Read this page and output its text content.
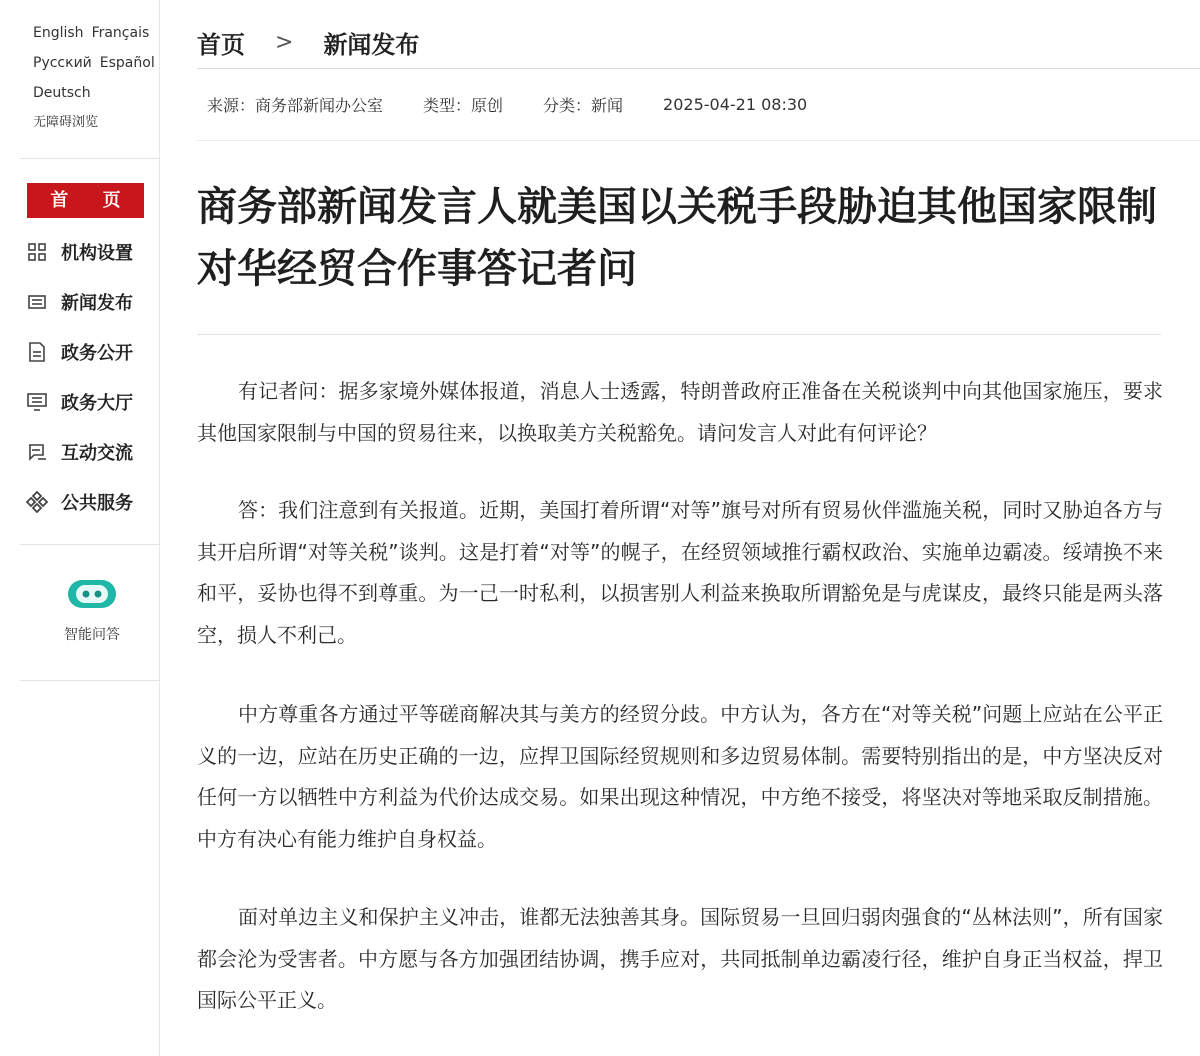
English Français
Русский Español
Deutsch
无障碍浏览
首 页
机构设置
新闻发布
政务公开
政务大厅
互动交流
公共服务
智能问答
首页 > 新闻发布
来源：商务部新闻办公室	类型：原创	分类：新闻	2025-04-21 08:30
商务部新闻发言人就美国以关税手段胁迫其他国家限制对华经贸合作事答记者问

有记者问：据多家境外媒体报道，消息人士透露，特朗普政府正准备在关税谈判中向其他国家施压，要求其他国家限制与中国的贸易往来，以换取美方关税豁免。请问发言人对此有何评论？

答：我们注意到有关报道。近期，美国打着所谓“对等”旗号对所有贸易伙伴滥施关税，同时又胁迫各方与其开启所谓“对等关税”谈判。这是打着“对等”的幌子，在经贸领域推行霸权政治、实施单边霸凌。绥靖换不来和平，妥协也得不到尊重。为一己一时私利，以损害别人利益来换取所谓豁免是与虎谋皮，最终只能是两头落空，损人不利己。

中方尊重各方通过平等磋商解决其与美方的经贸分歧。中方认为，各方在“对等关税”问题上应站在公平正义的一边，应站在历史正确的一边，应捍卫国际经贸规则和多边贸易体制。需要特别指出的是，中方坚决反对任何一方以牺牲中方利益为代价达成交易。如果出现这种情况，中方绝不接受，将坚决对等地采取反制措施。中方有决心有能力维护自身权益。

面对单边主义和保护主义冲击，谁都无法独善其身。国际贸易一旦回归弱肉强食的“丛林法则”，所有国家都会沦为受害者。中方愿与各方加强团结协调，携手应对，共同抵制单边霸凌行径，维护自身正当权益，捍卫国际公平正义。
